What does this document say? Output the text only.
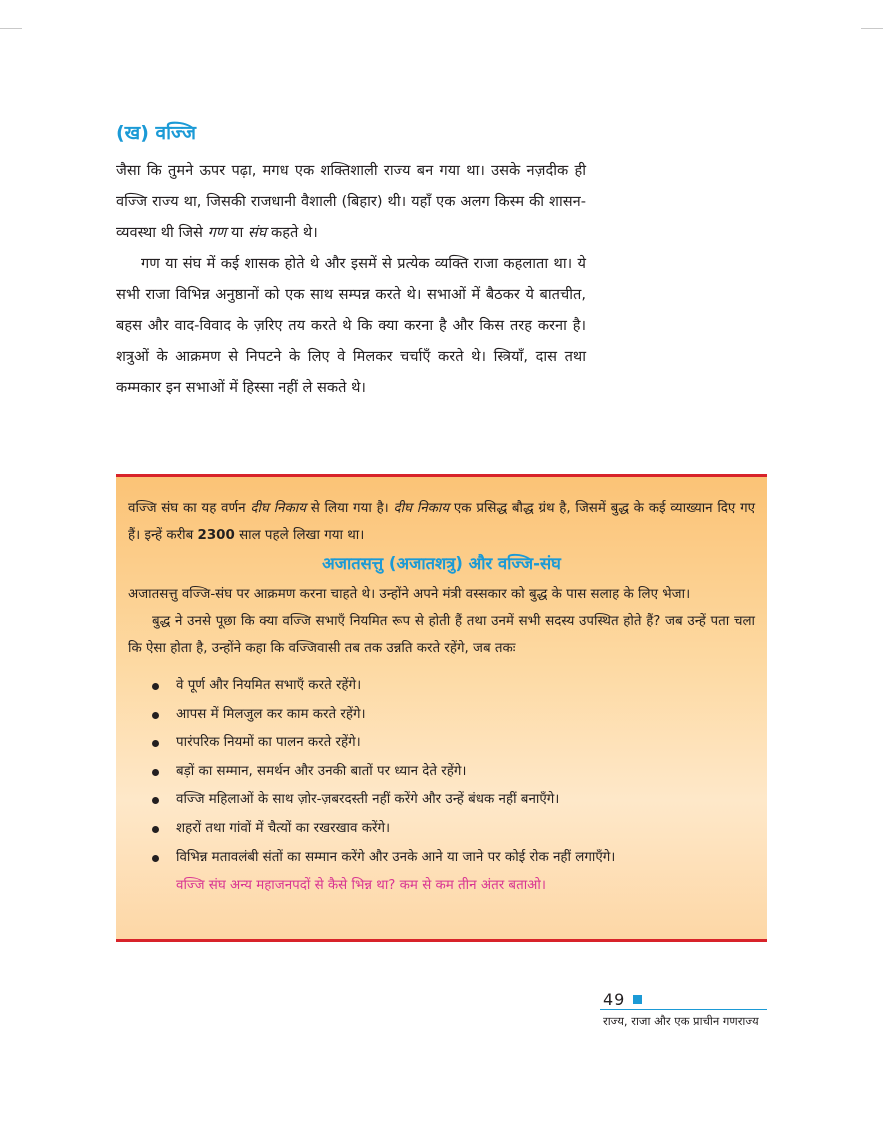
(ख) वज्जि

जैसा कि तुमने ऊपर पढ़ा, मगध एक शक्तिशाली राज्य बन गया था। उसके नज़दीक ही वज्जि राज्य था, जिसकी राजधानी वैशाली (बिहार) थी। यहाँ एक अलग किस्म की शासन-व्यवस्था थी जिसे गण या संघ कहते थे।

गण या संघ में कई शासक होते थे और इसमें से प्रत्येक व्यक्ति राजा कहलाता था। ये सभी राजा विभिन्न अनुष्ठानों को एक साथ सम्पन्न करते थे। सभाओं में बैठकर ये बातचीत, बहस और वाद-विवाद के ज़रिए तय करते थे कि क्या करना है और किस तरह करना है। शत्रुओं के आक्रमण से निपटने के लिए वे मिलकर चर्चाएँ करते थे। स्त्रियाँ, दास तथा कम्मकार इन सभाओं में हिस्सा नहीं ले सकते थे।

वज्जि संघ का यह वर्णन दीघ निकाय से लिया गया है। दीघ निकाय एक प्रसिद्ध बौद्ध ग्रंथ है, जिसमें बुद्ध के कई व्याख्यान दिए गए हैं। इन्हें करीब 2300 साल पहले लिखा गया था।

अजातसत्तु (अजातशत्रु) और वज्जि-संघ

अजातसत्तु वज्जि-संघ पर आक्रमण करना चाहते थे। उन्होंने अपने मंत्री वस्सकार को बुद्ध के पास सलाह के लिए भेजा।

बुद्ध ने उनसे पूछा कि क्या वज्जि सभाएँ नियमित रूप से होती हैं तथा उनमें सभी सदस्य उपस्थित होते हैं? जब उन्हें पता चला कि ऐसा होता है, उन्होंने कहा कि वज्जिवासी तब तक उन्नति करते रहेंगे, जब तकः

वे पूर्ण और नियमित सभाएँ करते रहेंगे।
आपस में मिलजुल कर काम करते रहेंगे।
पारंपरिक नियमों का पालन करते रहेंगे।
बड़ों का सम्मान, समर्थन और उनकी बातों पर ध्यान देते रहेंगे।
वज्जि महिलाओं के साथ ज़ोर-ज़बरदस्ती नहीं करेंगे और उन्हें बंधक नहीं बनाएँगे।
शहरों तथा गांवों में चैत्यों का रखरखाव करेंगे।
विभिन्न मतावलंबी संतों का सम्मान करेंगे और उनके आने या जाने पर कोई रोक नहीं लगाएँगे।
वज्जि संघ अन्य महाजनपदों से कैसे भिन्न था? कम से कम तीन अंतर बताओ।
49
राज्य, राजा और एक प्राचीन गणराज्य
